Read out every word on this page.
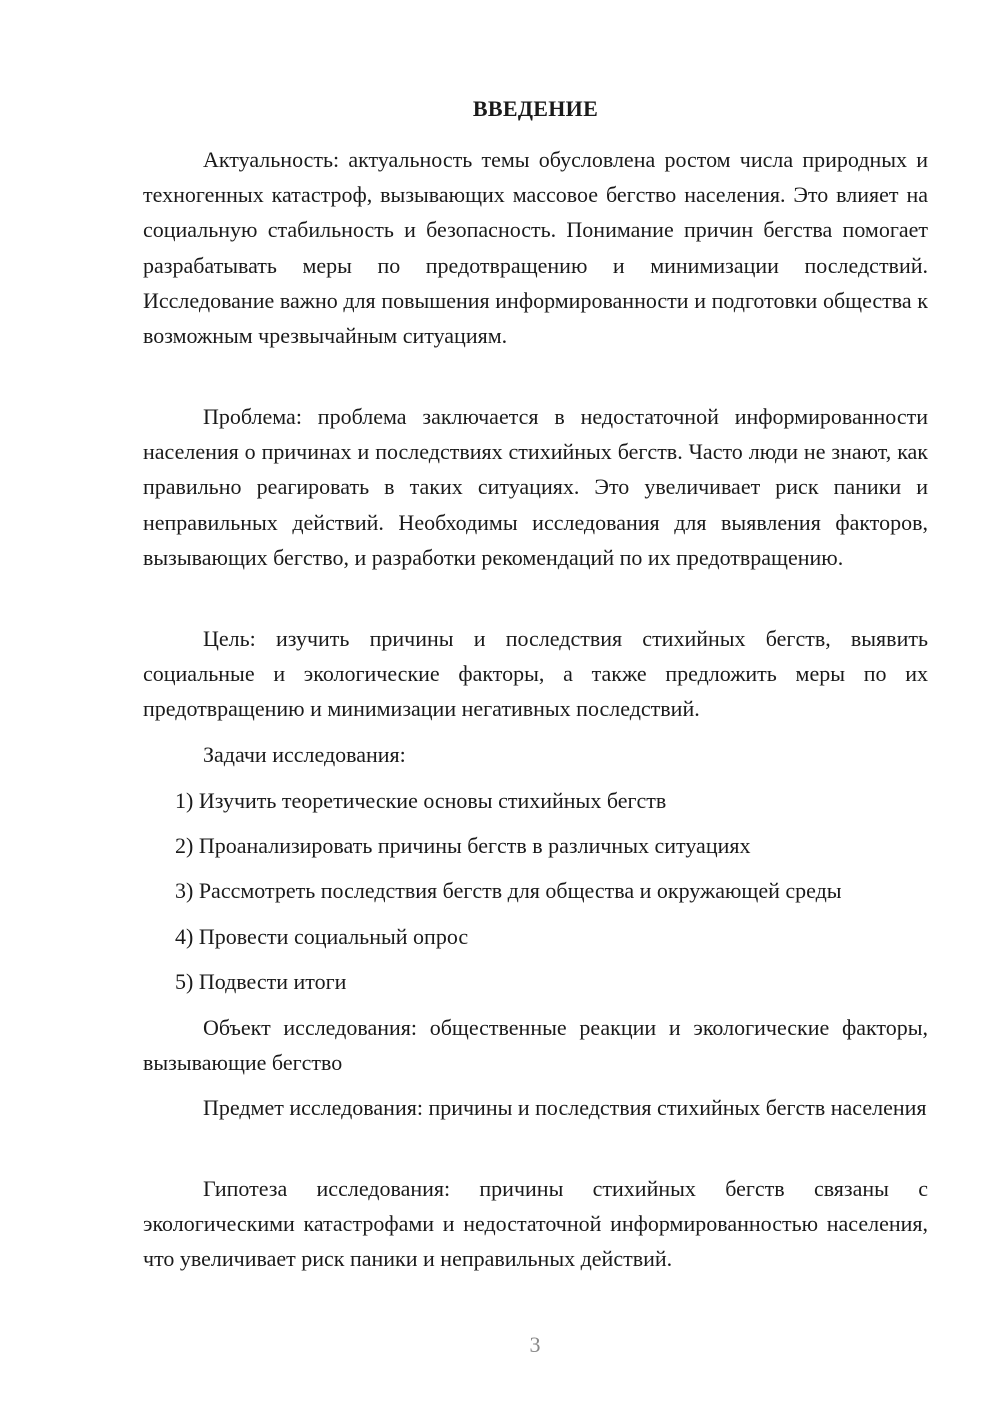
ВВЕДЕНИЕ

Актуальность: актуальность темы обусловлена ростом числа природных и техногенных катастроф, вызывающих массовое бегство населения. Это влияет на социальную стабильность и безопасность. Понимание причин бегства помогает разрабатывать меры по предотвращению и минимизации последствий. Исследование важно для повышения информированности и подготовки общества к возможным чрезвычайным ситуациям.

Проблема: проблема заключается в недостаточной информированности населения о причинах и последствиях стихийных бегств. Часто люди не знают, как правильно реагировать в таких ситуациях. Это увеличивает риск паники и неправильных действий. Необходимы исследования для выявления факторов, вызывающих бегство, и разработки рекомендаций по их предотвращению.

Цель: изучить причины и последствия стихийных бегств, выявить социальные и экологические факторы, а также предложить меры по их предотвращению и минимизации негативных последствий.

Задачи исследования:

1) Изучить теоретические основы стихийных бегств

2) Проанализировать причины бегств в различных ситуациях

3) Рассмотреть последствия бегств для общества и окружающей среды

4) Провести социальный опрос

5) Подвести итоги

Объект исследования: общественные реакции и экологические факторы, вызывающие бегство

Предмет исследования: причины и последствия стихийных бегств населения

Гипотеза исследования: причины стихийных бегств связаны с экологическими катастрофами и недостаточной информированностью населения, что увеличивает риск паники и неправильных действий.

3
